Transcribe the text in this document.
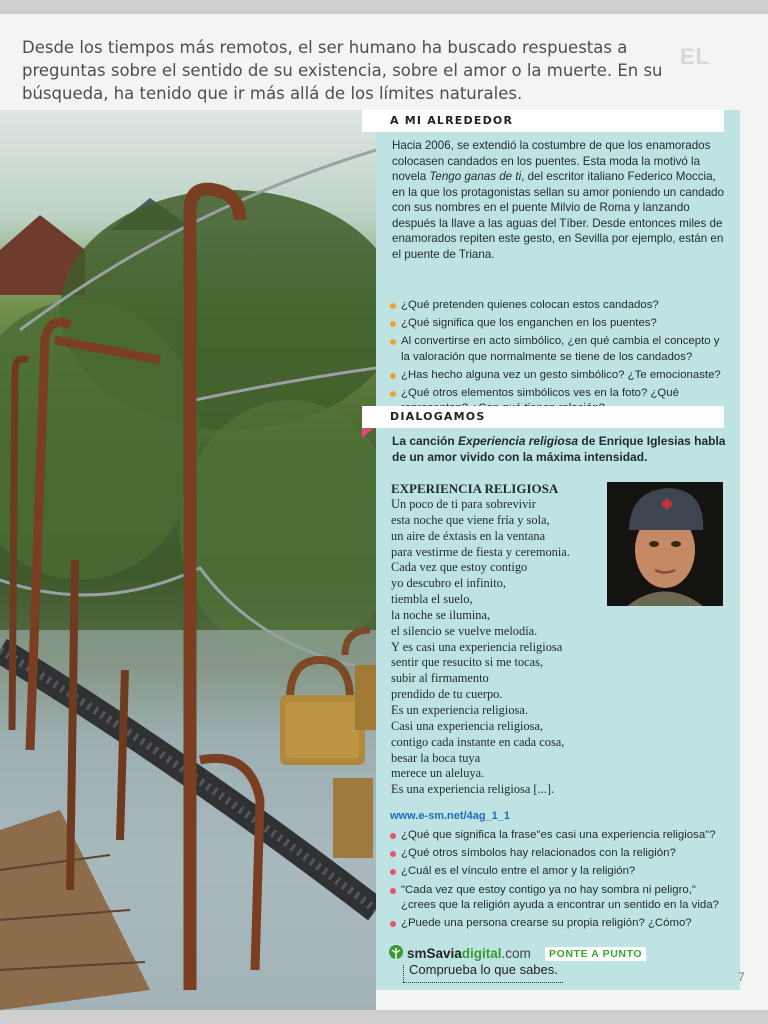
Desde los tiempos más remotos, el ser humano ha buscado respuestas a
preguntas sobre el sentido de su existencia, sobre el amor o la muerte. En su
búsqueda, ha tenido que ir más allá de los límites naturales.

EL
A MI ALREDEDOR

Hacia 2006, se extendió la costumbre de que los enamorados colocasen candados en los puentes. Esta moda la motivó la novela Tengo ganas de ti, del escritor italiano Federico Moccia, en la que los protagonistas sellan su amor poniendo un candado con sus nombres en el puente Milvio de Roma y lanzando después la llave a las aguas del Tíber. Desde entonces miles de enamorados repiten este gesto, en Sevilla por ejemplo, están en el puente de Triana.

¿Qué pretenden quienes colocan estos candados?
¿Qué significa que los enganchen en los puentes?
Al convertirse en acto simbólico, ¿en qué cambia el concepto y la valoración que normalmente se tiene de los candados?
¿Has hecho alguna vez un gesto simbólico? ¿Te emocionaste?
¿Qué otros elementos simbólicos ves en la foto? ¿Qué
DIALOGAMOS

La canción Experiencia religiosa de Enrique Iglesias habla de un amor vivido con la máxima intensidad.

EXPERIENCIA RELIGIOSA
Un poco de ti para sobrevivir
esta noche que viene fría y sola,
un aire de éxtasis en la ventana
para vestirme de fiesta y ceremonia.
Cada vez que estoy contigo
yo descubro el infinito,
tiembla el suelo,
la noche se ilumina,
el silencio se vuelve melodía.
Y es casi una experiencia religiosa
sentir que resucito si me tocas,
subir al firmamento
prendido de tu cuerpo.
Es un experiencia religiosa.
Casi una experiencia religiosa,
contigo cada instante en cada cosa,
besar la boca tuya
merece un aleluya.
Es una experiencia religiosa [...].
www.e-sm.net/4ag_1_1
¿Qué que significa la frase"es casi una experiencia religiosa"?
¿Qué otros símbolos hay relacionados con la religión?
¿Cuál es el vínculo entre el amor y la religión?
"Cada vez que estoy contigo ya no hay sombra ni peligro," ¿crees que la religión ayuda a encontrar un sentido en la vida?
¿Puede una persona crearse su propia religión? ¿Cómo?
smSaviadigital.com	PONTE A PUNTO
Comprueba lo que sabes.	7
